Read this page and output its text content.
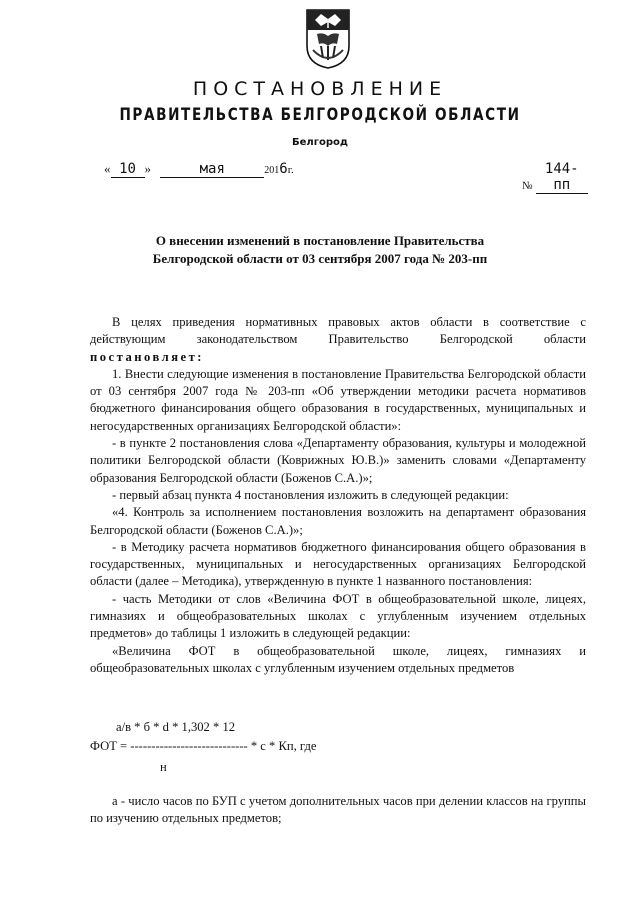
ПОСТАНОВЛЕНИЕ
ПРАВИТЕЛЬСТВА БЕЛГОРОДСКОЙ ОБЛАСТИ
Белгород
« 10 »	мая	2016г.
№ 144-пп
О внесении изменений в постановление Правительства
Белгородской области от 03 сентября 2007 года № 203-пп

В целях приведения нормативных правовых актов области в соответствие с действующим законодательством Правительство Белгородской области постановляет:

1. Внести следующие изменения в постановление Правительства Белгородской области от 03 сентября 2007 года № 203-пп «Об утверждении методики расчета нормативов бюджетного финансирования общего образования в государственных, муниципальных и негосударственных организациях Белгородской области»:

- в пункте 2 постановления слова «Департаменту образования, культуры и молодежной политики Белгородской области (Коврижных Ю.В.)» заменить словами «Департаменту образования Белгородской области (Боженов С.А.)»;

- первый абзац пункта 4 постановления изложить в следующей редакции:

«4. Контроль за исполнением постановления возложить на департамент образования Белгородской области (Боженов С.А.)»;

- в Методику расчета нормативов бюджетного финансирования общего образования в государственных, муниципальных и негосударственных организациях Белгородской области (далее – Методика), утвержденную в пункте 1 названного постановления:

- часть Методики от слов «Величина ФОТ в общеобразовательной школе, лицеях, гимназиях и общеобразовательных школах с углубленным изучением отдельных предметов» до таблицы 1 изложить в следующей редакции:

«Величина ФОТ в общеобразовательной школе, лицеях, гимназиях и общеобразовательных школах с углубленным изучением отдельных предметов

а/в * б * d * 1,302 * 12
ФОТ = ---------------------------- * с * Кп, где
н

а - число часов по БУП с учетом дополнительных часов при делении классов на группы по изучению отдельных предметов;
